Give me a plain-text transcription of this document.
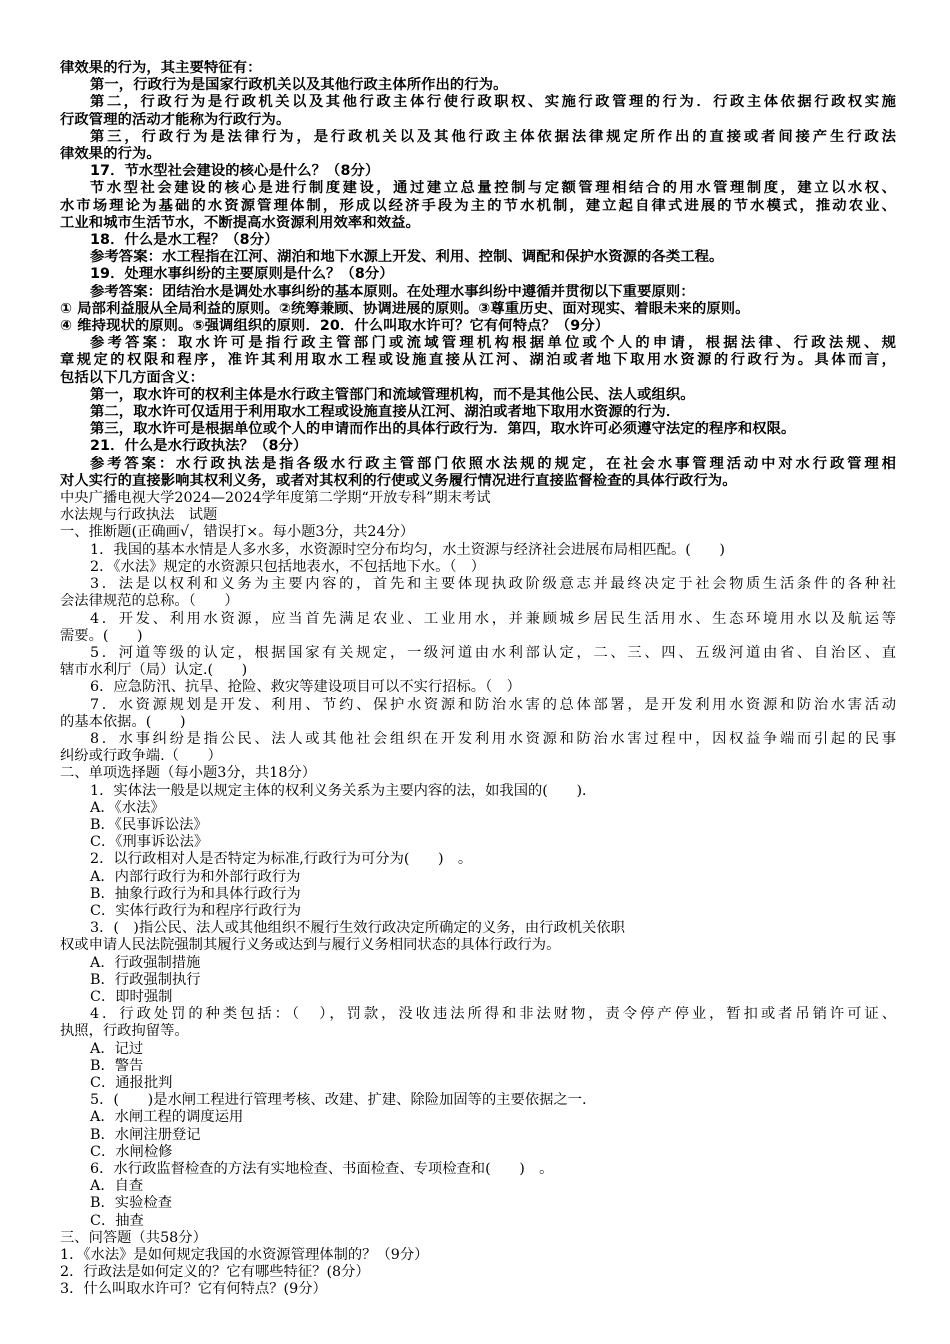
律效果的行为，其主要特征有：
第一，行政行为是国家行政机关以及其他行政主体所作出的行为。
第二，行政行为是行政机关以及其他行政主体行使行政职权、实施行政管理的行为．行政主体依据行政权实施
行政管理的活动才能称为行政行为。
第三，行政行为是法律行为，是行政机关以及其他行政主体依据法律规定所作出的直接或者间接产生行政法
律效果的行为。
17．节水型社会建设的核心是什么？（8分）
节水型社会建设的核心是进行制度建设，通过建立总量控制与定额管理相结合的用水管理制度，建立以水权、
水市场理论为基础的水资源管理体制，形成以经济手段为主的节水机制，建立起自律式进展的节水模式，推动农业、
工业和城市生活节水，不断提高水资源利用效率和效益。
18．什么是水工程？（8分）
参考答案：水工程指在江河、湖泊和地下水源上开发、利用、控制、调配和保护水资源的各类工程。
19．处理水事纠纷的主要原则是什么？（8分）
参考答案：团结治水是调处水事纠纷的基本原则。在处理水事纠纷中遵循并贯彻以下重要原则：
① 局部利益服从全局利益的原则。②统筹兼顾、协调进展的原则。③尊重历史、面对现实、着眼未来的原则。
④ 维持现状的原则。⑤强调组织的原则．20．什么叫取水许可？它有何特点？（9分）
参考答案：取水许可是指行政主管部门或流域管理机构根据单位或个人的申请，根据法律、行政法规、规
章规定的权限和程序，准许其利用取水工程或设施直接从江河、湖泊或者地下取用水资源的行政行为。具体而言，
包括以下几方面含义：
第一，取水许可的权利主体是水行政主管部门和流域管理机构，而不是其他公民、法人或组织。
第二，取水许可仅适用于利用取水工程或设施直接从江河、湖泊或者地下取用水资源的行为．
第三，取水许可是根据单位或个人的申请而作出的具体行政行为．第四，取水许可必须遵守法定的程序和权限。
21．什么是水行政执法？（8分）
参考答案：水行政执法是指各级水行政主管部门依照水法规的规定，在社会水事管理活动中对水行政管理相
对人实行的直接影响其权利义务，或者对其权利的行使或义务履行情况进行直接监督检查的具体行政行为。
中央广播电视大学2024—2024学年度第二学期“开放专科”期末考试
水法规与行政执法　试题
一、推断题(正确画√，错误打×。每小题3分，共24分）
1．我国的基本水情是人多水多，水资源时空分布均匀，水土资源与经济社会进展布局相匹配。(　　)
2．《水法》规定的水资源只包括地表水，不包括地下水。（　）
3．法是以权利和义务为主要内容的，首先和主要体现执政阶级意志并最终决定于社会物质生活条件的各种社
会法律规范的总称。（　　）
4．开发、利用水资源，应当首先满足农业、工业用水，并兼顾城乡居民生活用水、生态环境用水以及航运等
需要。(　　)
5．河道等级的认定，根据国家有关规定，一级河道由水利部认定，二、三、四、五级河道由省、自治区、直
辖市水利厅（局）认定.(　　)
6．应急防汛、抗旱、抢险、救灾等建设项目可以不实行招标。（　）
7．水资源规划是开发、利用、节约、保护水资源和防治水害的总体部署，是开发利用水资源和防治水害活动
的基本依据。(　　)
8．水事纠纷是指公民、法人或其他社会组织在开发利用水资源和防治水害过程中，因权益争端而引起的民事
纠纷或行政争端.（　　）
二、单项选择题（每小题3分，共18分）
1．实体法一般是以规定主体的权利义务关系为主要内容的法，如我国的(　　)．
A．《水法》
B．《民事诉讼法》
C．《刑事诉讼法》
2．以行政相对人是否特定为标准,行政行为可分为(　　)　。
A．内部行政行为和外部行政行为
B．抽象行政行为和具体行政行为
C．实体行政行为和程序行政行为
3．(　)指公民、法人或其他组织不履行生效行政决定所确定的义务，由行政机关依职
权或申请人民法院强制其履行义务或达到与履行义务相同状态的具体行政行为。
A．行政强制措施
B．行政强制执行
C．即时强制
4．行政处罚的种类包括：（　），罚款，没收违法所得和非法财物，责令停产停业，暂扣或者吊销许可证、
执照，行政拘留等。
A．记过
B．警告
C．通报批判
5．(　　)是水闸工程进行管理考核、改建、扩建、除险加固等的主要依据之一.
A．水闸工程的调度运用
B．水闸注册登记
C．水闸检修
6．水行政监督检查的方法有实地检查、书面检查、专项检查和(　　)　。
A．自查
B．实验检查
C．抽查
三、问答题（共58分）
1．《水法》是如何规定我国的水资源管理体制的？（9分）
2．行政法是如何定义的？它有哪些特征？(8分）
3．什么叫取水许可？它有何特点？(9分）
